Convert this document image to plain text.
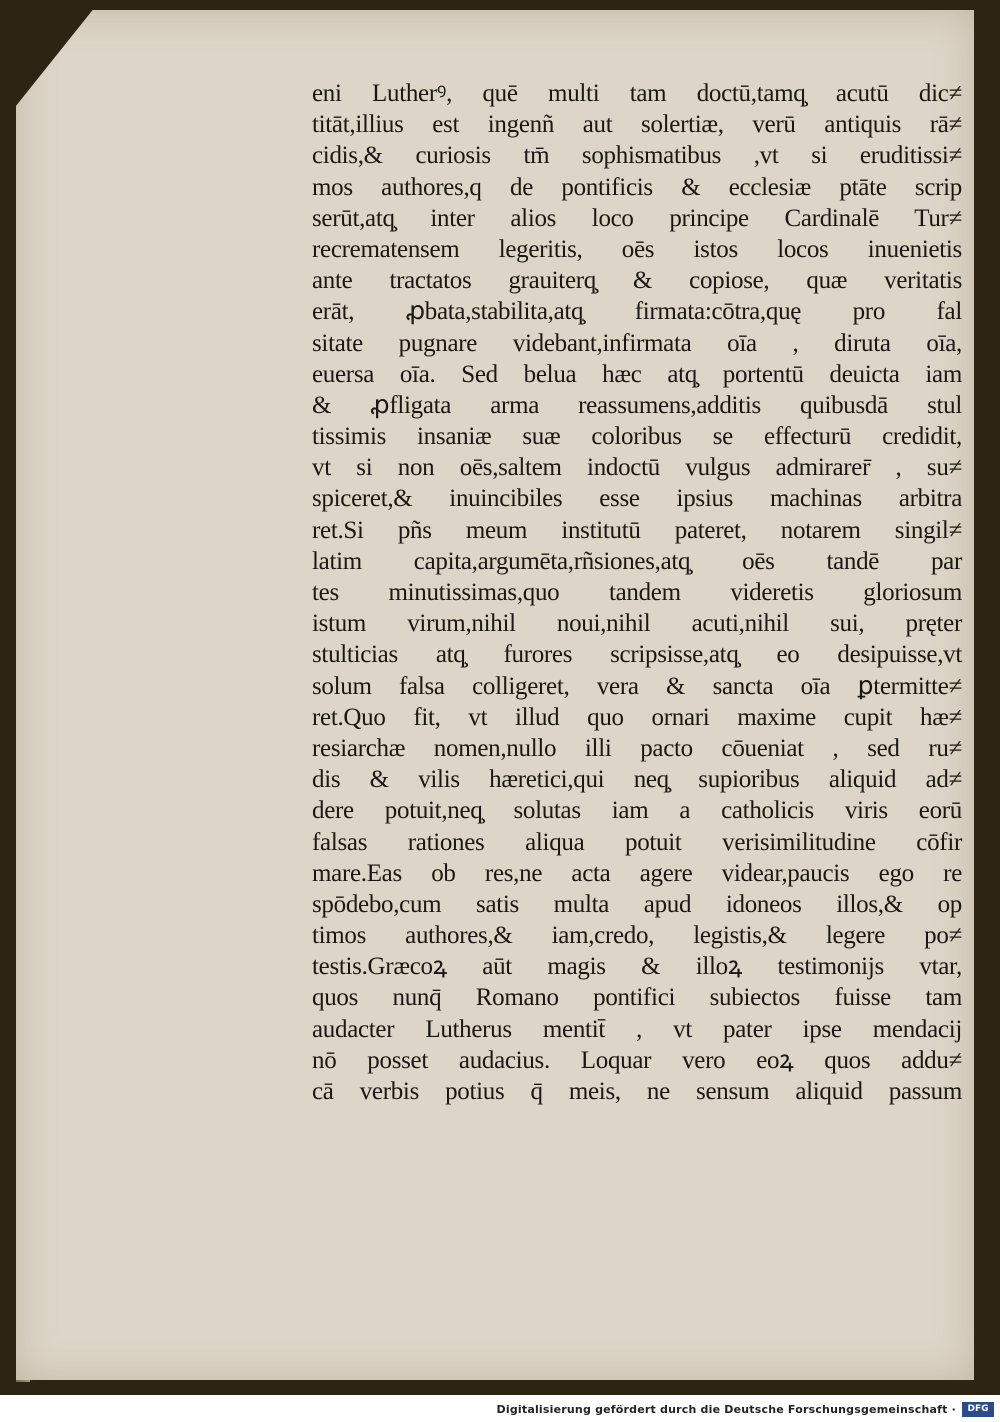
eni Lutherꝰ, quē multi tam doctū,tamq̧ acutū dic≠
titāt,illius est ingenñ aut solertiæ, verū antiquis rā≠
cidis,& curiosis tm̄ sophismatibus ,vt si eruditissi≠
mos authores,q de pontificis & ecclesiæ ptāte scrip
serūt,atq̧ inter alios loco principe Cardinalē Tur≠
recrematensem legeritis, oēs istos locos inuenietis
ante tractatos grauiterq̧ & copiose, quæ veritatis
erāt, ꝓbata,stabilita,atq̧ firmata:cōtra,quę pro fal
sitate pugnare videbant,infirmata oīa , diruta oīa,
euersa oīa. Sed belua hæc atq̧ portentū deuicta iam
& ꝓfligata arma reassumens,additis quibusdā stul
tissimis insaniæ suæ coloribus se effecturū credidit,
vt si non oēs,saltem indoctū vulgus admirarer̄ , su≠
spiceret,& inuincibiles esse ipsius machinas arbitra
ret.Si pñs meum institutū pateret, notarem singil≠
latim capita,argumēta,rñsiones,atq̧ oēs tandē par
tes minutissimas,quo tandem videretis gloriosum
istum virum,nihil noui,nihil acuti,nihil sui, pręter
stulticias atq̧ furores scripsisse,atq̧ eo desipuisse,vt
solum falsa colligeret, vera & sancta oīa ꝑtermitte≠
ret.Quo fit, vt illud quo ornari maxime cupit hæ≠
resiarchæ nomen,nullo illi pacto cōueniat , sed ru≠
dis & vilis hæretici,qui neq̧ supioribus aliquid ad≠
dere potuit,neq̧ solutas iam a catholicis viris eorū
falsas rationes aliqua potuit verisimilitudine cōfir
mare.Eas ob res,ne acta agere videar,paucis ego re
spōdebo,cum satis multa apud idoneos illos,& op
timos authores,& iam,credo, legistis,& legere po≠
testis.Græcoꝝ aūt magis & illoꝝ testimonijs vtar,
quos nunq̄ Romano pontifici subiectos fuisse tam
audacter Lutherus mentit̄ , vt pater ipse mendacij
nō posset audacius. Loquar vero eoꝝ quos addu≠
cā verbis potius q̄ meis, ne sensum aliquid passum
Digitalisierung gefördert durch die Deutsche Forschungsgemeinschaft ·	DFG
